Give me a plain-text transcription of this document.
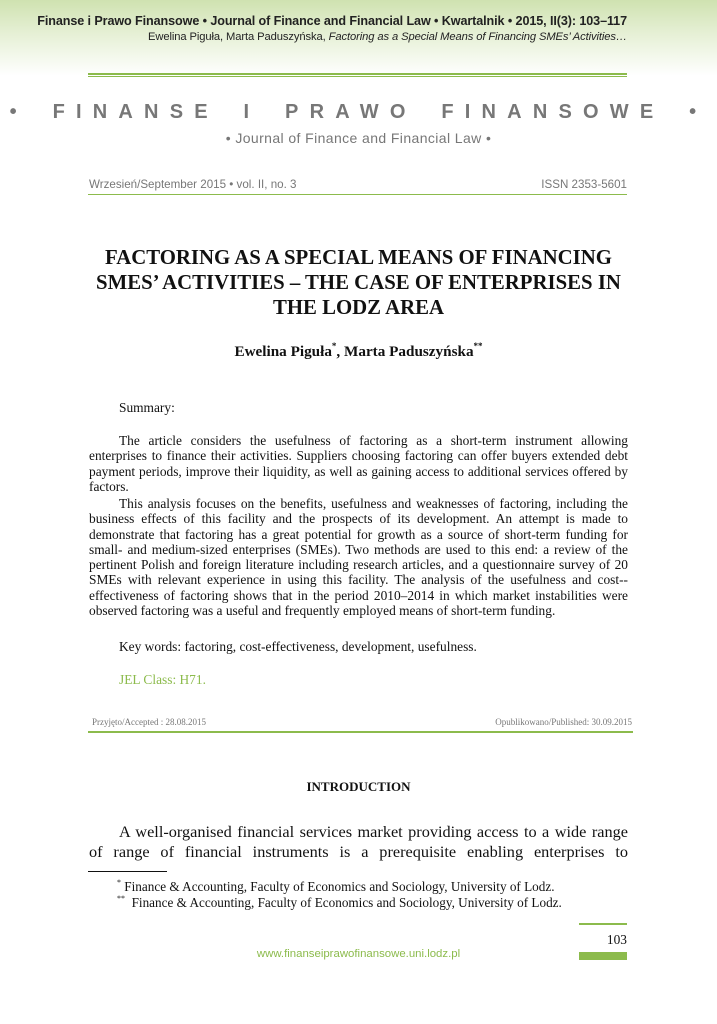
Finanse i Prawo Finansowe • Journal of Finance and Financial Law • Kwartalnik • 2015, II(3): 103–117
Ewelina Piguła, Marta Paduszyńska, Factoring as a Special Means of Financing SMEs’ Activities…
• FINANSE I PRAWO FINANSOWE •
• Journal of Finance and Financial Law •
Wrzesień/September 2015 • vol. II, no. 3	ISSN 2353-5601
FACTORING AS A SPECIAL MEANS OF FINANCING SMES’ ACTIVITIES – THE CASE OF ENTERPRISES IN THE LODZ AREA
Ewelina Piguła*, Marta Paduszyńska**
Summary:

The article considers the usefulness of factoring as a short-term instrument allowing enterprises to finance their activities. Suppliers choosing factoring can offer buyers extended debt payment periods, improve their liquidity, as well as gaining access to additional services offered by factors.

This analysis focuses on the benefits, usefulness and weaknesses of factoring, including the business effects of this facility and the prospects of its development. An attempt is made to demonstrate that factoring has a great potential for growth as a source of short-term funding for small- and medium-sized enterprises (SMEs). Two methods are used to this end: a review of the pertinent Polish and foreign literature including research articles, and a questionnaire survey of 20 SMEs with relevant experience in using this facility. The analysis of the usefulness and cost--effectiveness of factoring shows that in the period 2010–2014 in which market instabilities were observed factoring was a useful and frequently employed means of short-term funding.

Key words: factoring, cost-effectiveness, development, usefulness.
JEL Class: H71.
Przyjęto/Accepted : 28.08.2015	Opublikowano/Published: 30.09.2015
INTRODUCTION

A well-organised financial services market providing access to a wide range of range of financial instruments is a prerequisite enabling enterprises to

* Finance & Accounting, Faculty of Economics and Sociology, University of Lodz.
** Finance & Accounting, Faculty of Economics and Sociology, University of Lodz.
103
www.finanseiprawofinansowe.uni.lodz.pl
